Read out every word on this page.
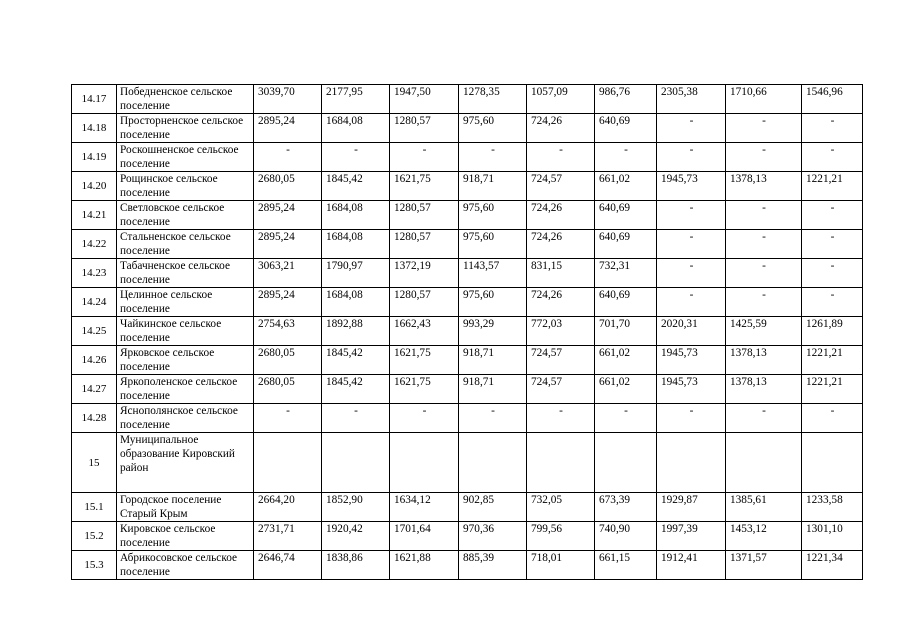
14.17	Победненское сельское поселение	3039,70	2177,95	1947,50	1278,35	1057,09	986,76	2305,38	1710,66	1546,96
14.18	Просторненское сельское поселение	2895,24	1684,08	1280,57	975,60	724,26	640,69	-	-	-
14.19	Роскошненское сельское поселение	-	-	-	-	-	-	-	-	-
14.20	Рощинское сельское поселение	2680,05	1845,42	1621,75	918,71	724,57	661,02	1945,73	1378,13	1221,21
14.21	Светловское сельское поселение	2895,24	1684,08	1280,57	975,60	724,26	640,69	-	-	-
14.22	Стальненское сельское поселение	2895,24	1684,08	1280,57	975,60	724,26	640,69	-	-	-
14.23	Табачненское сельское поселение	3063,21	1790,97	1372,19	1143,57	831,15	732,31	-	-	-
14.24	Целинное сельское поселение	2895,24	1684,08	1280,57	975,60	724,26	640,69	-	-	-
14.25	Чайкинское сельское поселение	2754,63	1892,88	1662,43	993,29	772,03	701,70	2020,31	1425,59	1261,89
14.26	Ярковское сельское поселение	2680,05	1845,42	1621,75	918,71	724,57	661,02	1945,73	1378,13	1221,21
14.27	Яркополенское сельское поселение	2680,05	1845,42	1621,75	918,71	724,57	661,02	1945,73	1378,13	1221,21
14.28	Яснополянское сельское поселение	-	-	-	-	-	-	-	-	-
15	Муниципальное образование Кировский район									
15.1	Городское поселение Старый Крым	2664,20	1852,90	1634,12	902,85	732,05	673,39	1929,87	1385,61	1233,58
15.2	Кировское сельское поселение	2731,71	1920,42	1701,64	970,36	799,56	740,90	1997,39	1453,12	1301,10
15.3	Абрикосовское сельское поселение	2646,74	1838,86	1621,88	885,39	718,01	661,15	1912,41	1371,57	1221,34
